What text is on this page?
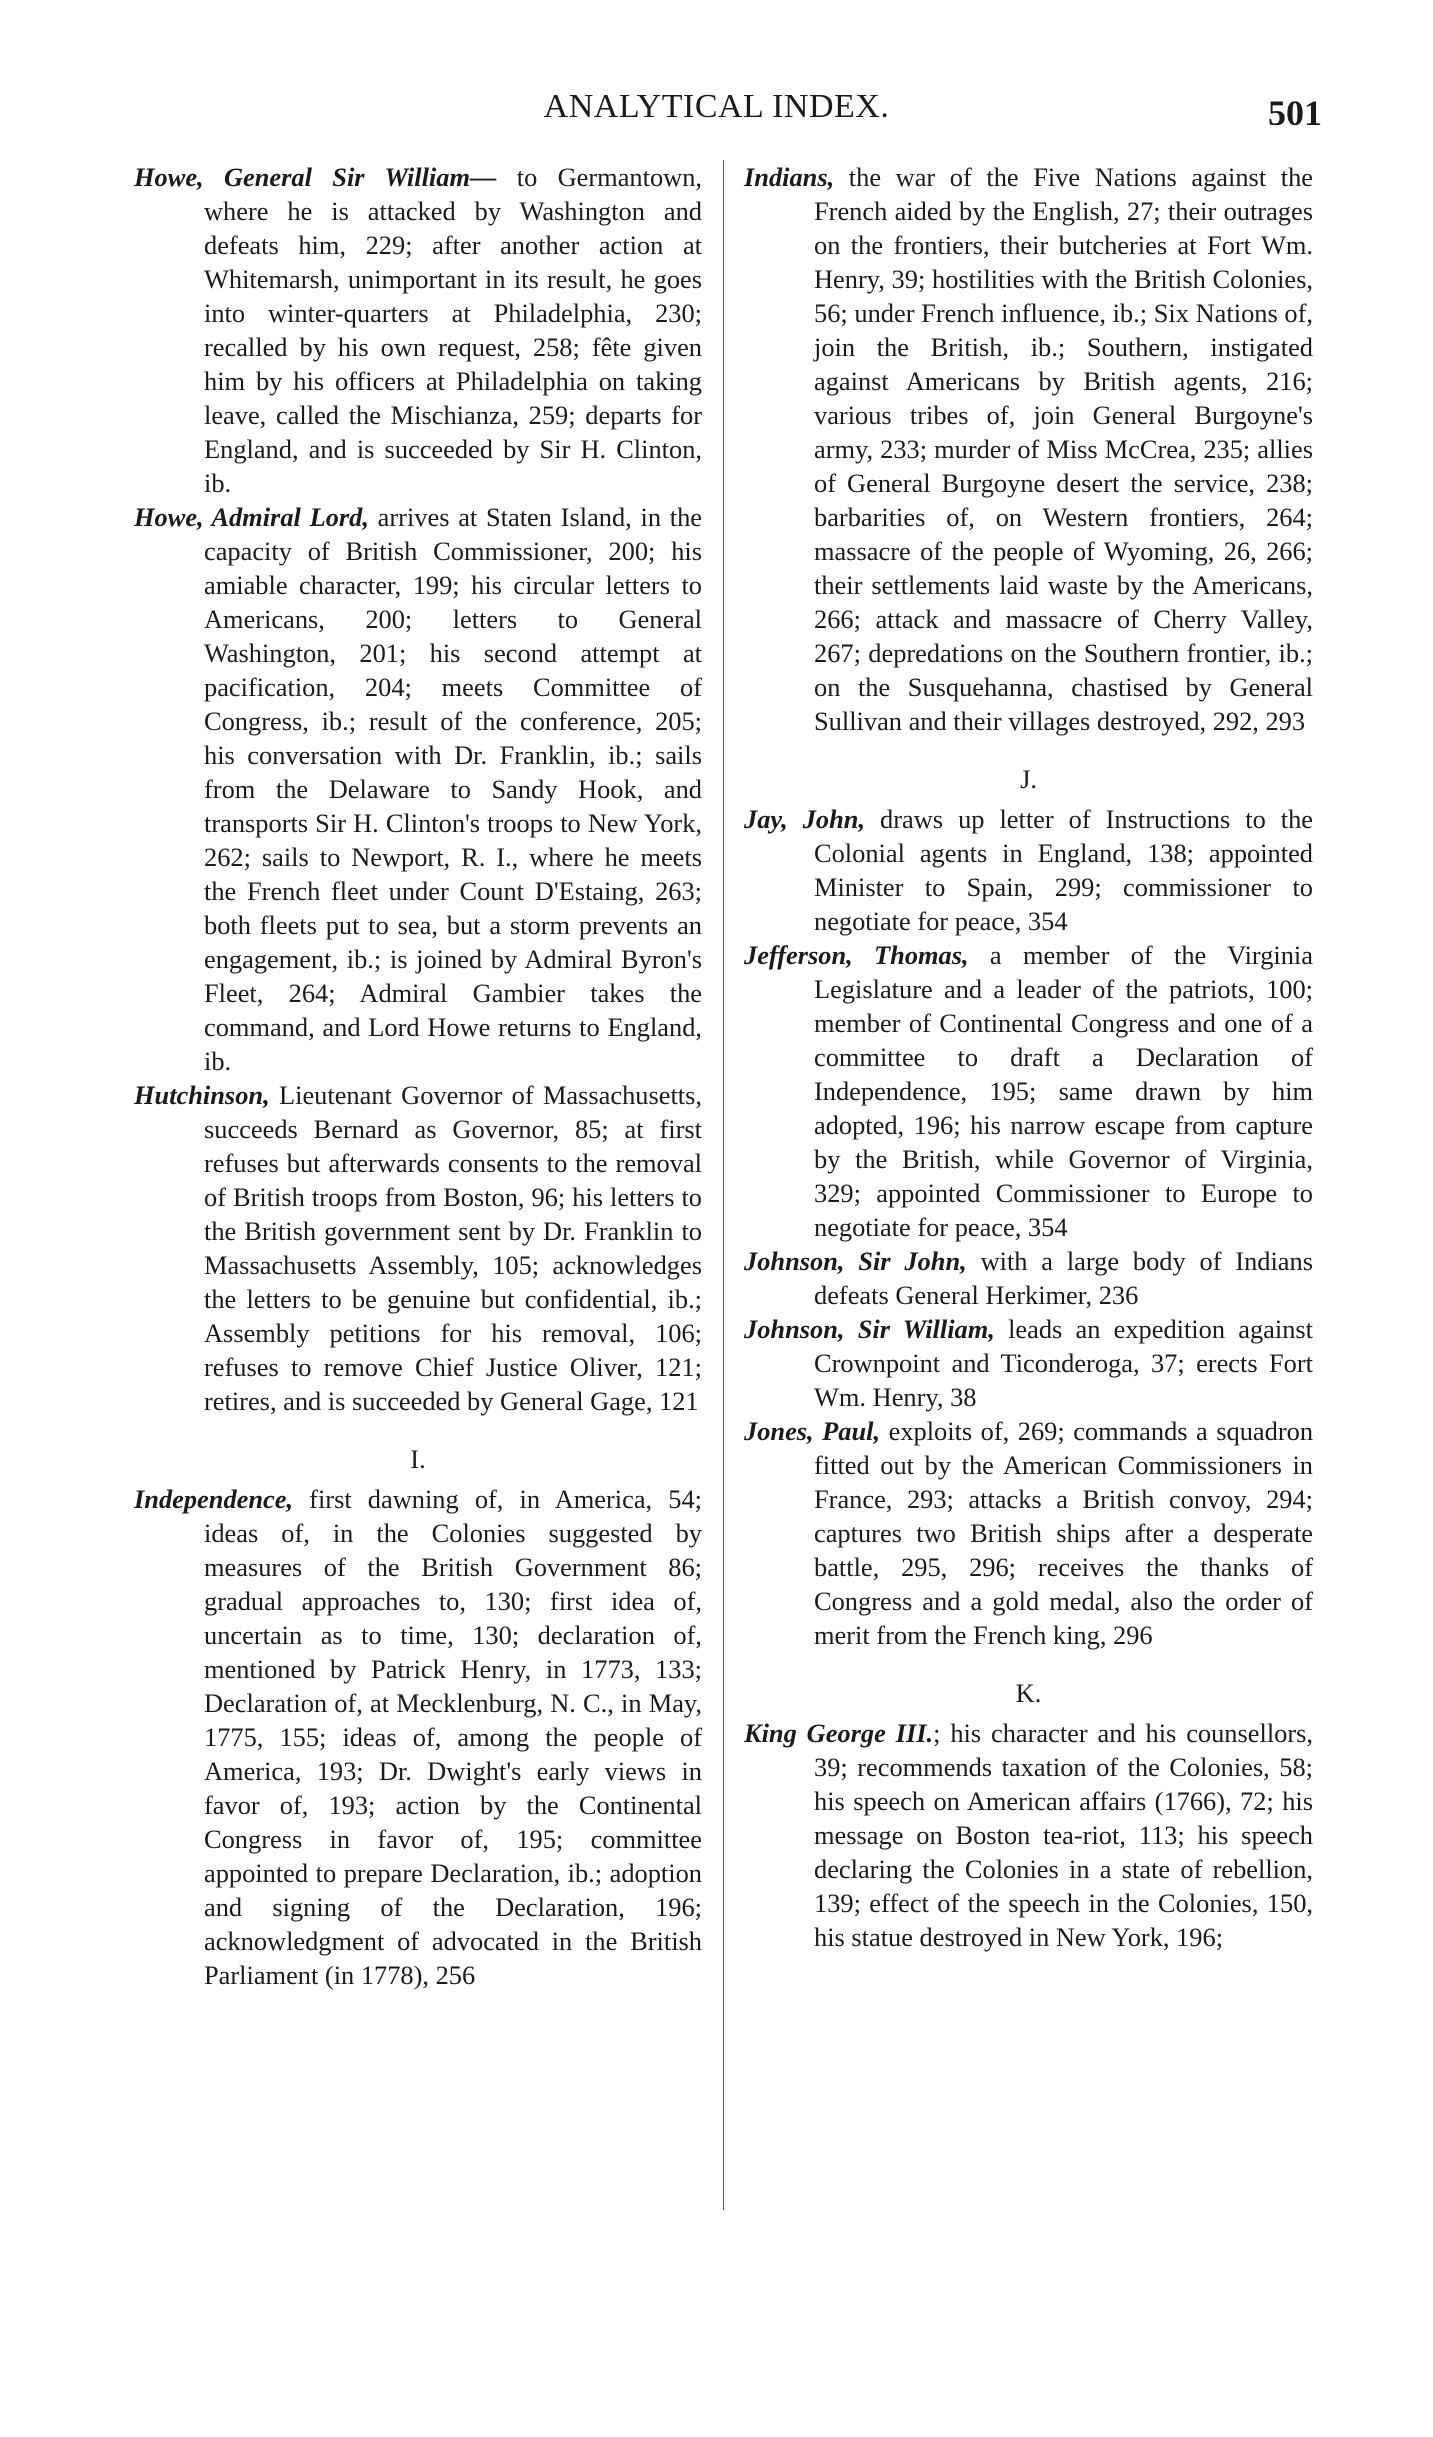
ANALYTICAL INDEX.	501

Howe, General Sir William— to Germantown, where he is attacked by Washington and defeats him, 229; after another action at Whitemarsh, unimportant in its result, he goes into winter-quarters at Philadelphia, 230; recalled by his own request, 258; fête given him by his officers at Philadelphia on taking leave, called the Mischianza, 259; departs for England, and is succeeded by Sir H. Clinton, ib.

Howe, Admiral Lord, arrives at Staten Island, in the capacity of British Commissioner, 200; his amiable character, 199; his circular letters to Americans, 200; letters to General Washington, 201; his second attempt at pacification, 204; meets Committee of Congress, ib.; result of the conference, 205; his conversation with Dr. Franklin, ib.; sails from the Delaware to Sandy Hook, and transports Sir H. Clinton's troops to New York, 262; sails to Newport, R. I., where he meets the French fleet under Count D'Estaing, 263; both fleets put to sea, but a storm prevents an engagement, ib.; is joined by Admiral Byron's Fleet, 264; Admiral Gambier takes the command, and Lord Howe returns to England, ib.

Hutchinson, Lieutenant Governor of Massachusetts, succeeds Bernard as Governor, 85; at first refuses but afterwards consents to the removal of British troops from Boston, 96; his letters to the British government sent by Dr. Franklin to Massachusetts Assembly, 105; acknowledges the letters to be genuine but confidential, ib.; Assembly petitions for his removal, 106; refuses to remove Chief Justice Oliver, 121; retires, and is succeeded by General Gage, 121

I.

Independence, first dawning of, in America, 54; ideas of, in the Colonies suggested by measures of the British Government 86; gradual approaches to, 130; first idea of, uncertain as to time, 130; declaration of, mentioned by Patrick Henry, in 1773, 133; Declaration of, at Mecklenburg, N. C., in May, 1775, 155; ideas of, among the people of America, 193; Dr. Dwight's early views in favor of, 193; action by the Continental Congress in favor of, 195; committee appointed to prepare Declaration, ib.; adoption and signing of the Declaration, 196; acknowledgment of advocated in the British Parliament (in 1778), 256

Indians, the war of the Five Nations against the French aided by the English, 27; their outrages on the frontiers, their butcheries at Fort Wm. Henry, 39; hostilities with the British Colonies, 56; under French influence, ib.; Six Nations of, join the British, ib.; Southern, instigated against Americans by British agents, 216; various tribes of, join General Burgoyne's army, 233; murder of Miss McCrea, 235; allies of General Burgoyne desert the service, 238; barbarities of, on Western frontiers, 264; massacre of the people of Wyoming, 26, 266; their settlements laid waste by the Americans, 266; attack and massacre of Cherry Valley, 267; depredations on the Southern frontier, ib.; on the Susquehanna, chastised by General Sullivan and their villages destroyed, 292, 293

J.

Jay, John, draws up letter of Instructions to the Colonial agents in England, 138; appointed Minister to Spain, 299; commissioner to negotiate for peace, 354

Jefferson, Thomas, a member of the Virginia Legislature and a leader of the patriots, 100; member of Continental Congress and one of a committee to draft a Declaration of Independence, 195; same drawn by him adopted, 196; his narrow escape from capture by the British, while Governor of Virginia, 329; appointed Commissioner to Europe to negotiate for peace, 354

Johnson, Sir John, with a large body of Indians defeats General Herkimer, 236

Johnson, Sir William, leads an expedition against Crownpoint and Ticonderoga, 37; erects Fort Wm. Henry, 38

Jones, Paul, exploits of, 269; commands a squadron fitted out by the American Commissioners in France, 293; attacks a British convoy, 294; captures two British ships after a desperate battle, 295, 296; receives the thanks of Congress and a gold medal, also the order of merit from the French king, 296

K.

King George III.; his character and his counsellors, 39; recommends taxation of the Colonies, 58; his speech on American affairs (1766), 72; his message on Boston tea-riot, 113; his speech declaring the Colonies in a state of rebellion, 139; effect of the speech in the Colonies, 150, his statue destroyed in New York, 196;
